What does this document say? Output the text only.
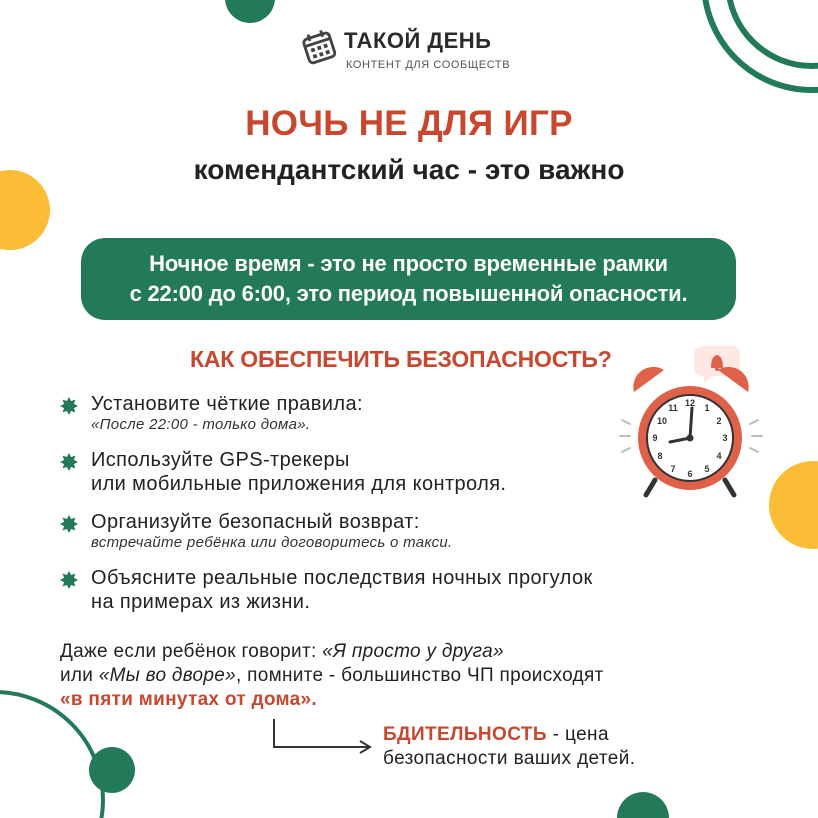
ТАКОЙ ДЕНЬ
КОНТЕНТ ДЛЯ СООБЩЕСТВ
НОЧЬ НЕ ДЛЯ ИГР
комендантский час - это важно
Ночное время - это не просто временные рамки
с 22:00 до 6:00, это период повышенной опасности.
КАК ОБЕСПЕЧИТЬ БЕЗОПАСНОСТЬ?
12
3
6
9
1
2
4
5
7
8
10
11
Установите чёткие правила:
«После 22:00 - только дома».
Используйте GPS-трекеры
или мобильные приложения для контроля.
Организуйте безопасный возврат:
встречайте ребёнка или договоритесь о такси.
Объясните реальные последствия ночных прогулок
на примерах из жизни.
Даже если ребёнок говорит: «Я просто у друга»
или «Мы во дворе», помните - большинство ЧП происходят
«в пяти минутах от дома».
БДИТЕЛЬНОСТЬ - цена
безопасности ваших детей.
